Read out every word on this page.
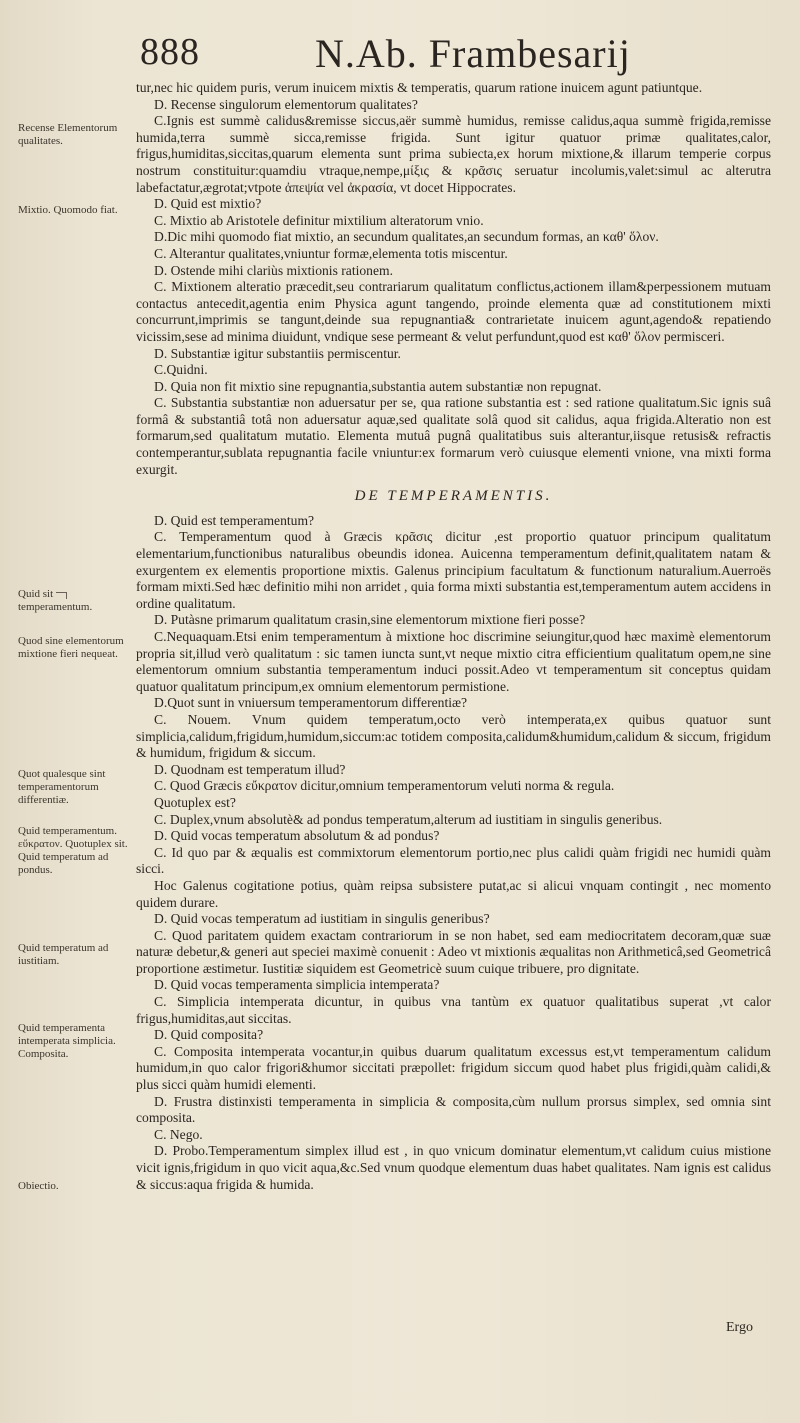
888	N.Ab. Frambesarij
Recense Elementorum qualitates.
Mixtio. Quomodo fiat.
Quid sit temperamentum.
Quod sine elementorum mixtione fieri nequeat.
Quot qualesque sint temperamentorum differentiæ.
Quid temperamentum. εὔκρατον. Quotuplex sit. Quid temperatum ad pondus.
Quid temperatum ad iustitiam.
Quid temperamenta intemperata simplicia. Composita.
Obiectio.

tur,nec hic quidem puris, verum inuicem mixtis & temperatis, quarum ratione inuicem agunt patiuntque.

D. Recense singulorum elementorum qualitates?

C.Ignis est summè calidus&remisse siccus,aër summè humidus, remisse calidus,aqua summè frigida,remisse humida,terra summè sicca,remisse frigida. Sunt igitur quatuor primæ qualitates,calor, frigus,humiditas,siccitas,quarum elementa sunt prima subiecta,ex horum mixtione,& illarum temperie corpus nostrum constituitur:quamdiu vtraque,nempe,μίξις & κρᾶσις seruatur incolumis,valet:simul ac alterutra labefactatur,ægrotat;vtpote ἀπεψία vel ἀκρασία, vt docet Hippocrates.

D. Quid est mixtio?

C. Mixtio ab Aristotele definitur mixtilium alteratorum vnio.

D.Dic mihi quomodo fiat mixtio, an secundum qualitates,an secundum formas, an καθ' ὅλον.

C. Alterantur qualitates,vniuntur formæ,elementa totis miscentur.

D. Ostende mihi clariùs mixtionis rationem.

C. Mixtionem alteratio præcedit,seu contrariarum qualitatum conflictus,actionem illam&perpessionem mutuam contactus antecedit,agentia enim Physica agunt tangendo, proinde elementa quæ ad constitutionem mixti concurrunt,imprimis se tangunt,deinde sua repugnantia& contrarietate inuicem agunt,agendo& repatiendo vicissim,sese ad minima diuidunt, vndique sese permeant & velut perfundunt,quod est καθ' ὅλον permisceri.

D. Substantiæ igitur substantiis permiscentur.

C.Quidni.

D. Quia non fit mixtio sine repugnantia,substantia autem substantiæ non repugnat.

C. Substantia substantiæ non aduersatur per se, qua ratione substantia est : sed ratione qualitatum.Sic ignis suâ formâ & substantiâ totâ non aduersatur aquæ,sed qualitate solâ quod sit calidus, aqua frigida.Alteratio non est formarum,sed qualitatum mutatio. Elementa mutuâ pugnâ qualitatibus suis alterantur,iisque retusis& refractis contemperantur,sublata repugnantia facile vniuntur:ex formarum verò cuiusque elementi vnione, vna mixti forma exurgit.

DE TEMPERAMENTIS.

D. Quid est temperamentum?

C. Temperamentum quod à Græcis κρᾶσις dicitur ,est proportio quatuor principum qualitatum elementarium,functionibus naturalibus obeundis idonea. Auicenna temperamentum definit,qualitatem natam & exurgentem ex elementis proportione mixtis. Galenus principium facultatum & functionum naturalium.Auerroës formam mixti.Sed hæc definitio mihi non arridet , quia forma mixti substantia est,temperamentum autem accidens in ordine qualitatum.

D. Putàsne primarum qualitatum crasin,sine elementorum mixtione fieri posse?

C.Nequaquam.Etsi enim temperamentum à mixtione hoc discrimine seiungitur,quod hæc maximè elementorum propria sit,illud verò qualitatum : sic tamen iuncta sunt,vt neque mixtio citra efficientium qualitatum opem,ne sine elementorum omnium substantia temperamentum induci possit.Adeo vt temperamentum sit conceptus quidam quatuor qualitatum principum,ex omnium elementorum permistione.

D.Quot sunt in vniuersum temperamentorum differentiæ?

C. Nouem. Vnum quidem temperatum,octo verò intemperata,ex quibus quatuor sunt simplicia,calidum,frigidum,humidum,siccum:ac totidem composita,calidum&humidum,calidum & siccum, frigidum & humidum, frigidum & siccum.

D. Quodnam est temperatum illud?

C. Quod Græcis εὔκρατον dicitur,omnium temperamentorum veluti norma & regula.

Quotuplex est?

C. Duplex,vnum absolutè& ad pondus temperatum,alterum ad iustitiam in singulis generibus.

D. Quid vocas temperatum absolutum & ad pondus?

C. Id quo par & æqualis est commixtorum elementorum portio,nec plus calidi quàm frigidi nec humidi quàm sicci.

Hoc Galenus cogitatione potius, quàm reipsa subsistere putat,ac si alicui vnquam contingit , nec momento quidem durare.

D. Quid vocas temperatum ad iustitiam in singulis generibus?

C. Quod paritatem quidem exactam contrariorum in se non habet, sed eam mediocritatem decoram,quæ suæ naturæ debetur,& generi aut speciei maximè conuenit : Adeo vt mixtionis æqualitas non Arithmeticâ,sed Geometricâ proportione æstimetur. Iustitiæ siquidem est Geometricè suum cuique tribuere, pro dignitate.

D. Quid vocas temperamenta simplicia intemperata?

C. Simplicia intemperata dicuntur, in quibus vna tantùm ex quatuor qualitatibus superat ,vt calor frigus,humiditas,aut siccitas.

D. Quid composita?

C. Composita intemperata vocantur,in quibus duarum qualitatum excessus est,vt temperamentum calidum humidum,in quo calor frigori&humor siccitati præpollet: frigidum siccum quod habet plus frigidi,quàm calidi,& plus sicci quàm humidi elementi.

D. Frustra distinxisti temperamenta in simplicia & composita,cùm nullum prorsus simplex, sed omnia sint composita.

C. Nego.

D. Probo.Temperamentum simplex illud est , in quo vnicum dominatur elementum,vt calidum cuius mistione vicit ignis,frigidum in quo vicit aqua,&c.Sed vnum quodque elementum duas habet qualitates. Nam ignis est calidus & siccus:aqua frigida & humida.

Ergo
